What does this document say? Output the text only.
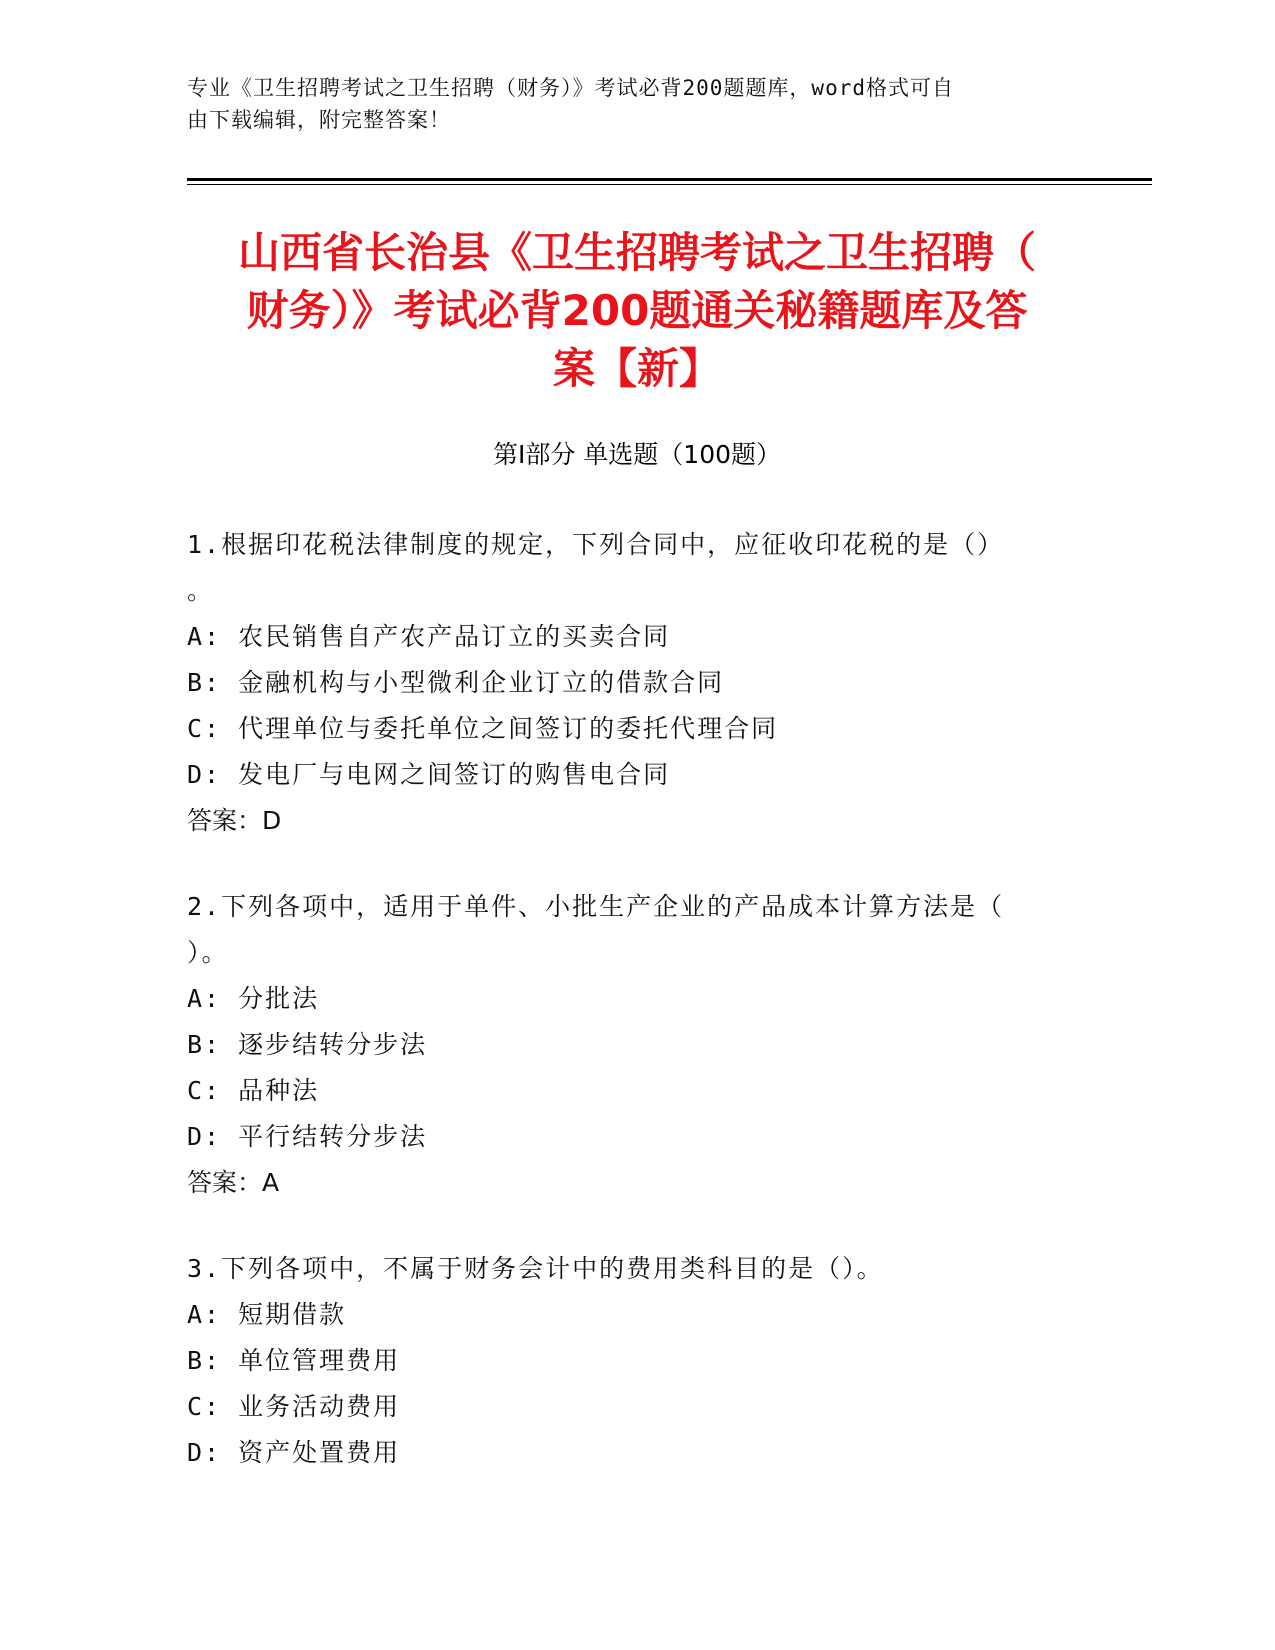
专业《卫生招聘考试之卫生招聘（财务）》考试必背200题题库，word格式可自
由下载编辑，附完整答案！
山西省长治县《卫生招聘考试之卫生招聘（
财务）》考试必背200题通关秘籍题库及答
案【新】
第I部分 单选题（100题）
1.根据印花税法律制度的规定，下列合同中，应征收印花税的是（）
。
A: 农民销售自产农产品订立的买卖合同
B: 金融机构与小型微利企业订立的借款合同
C: 代理单位与委托单位之间签订的委托代理合同
D: 发电厂与电网之间签订的购售电合同
答案：D
2.下列各项中，适用于单件、小批生产企业的产品成本计算方法是（
）。
A: 分批法
B: 逐步结转分步法
C: 品种法
D: 平行结转分步法
答案：A
3.下列各项中，不属于财务会计中的费用类科目的是（）。
A: 短期借款
B: 单位管理费用
C: 业务活动费用
D: 资产处置费用
